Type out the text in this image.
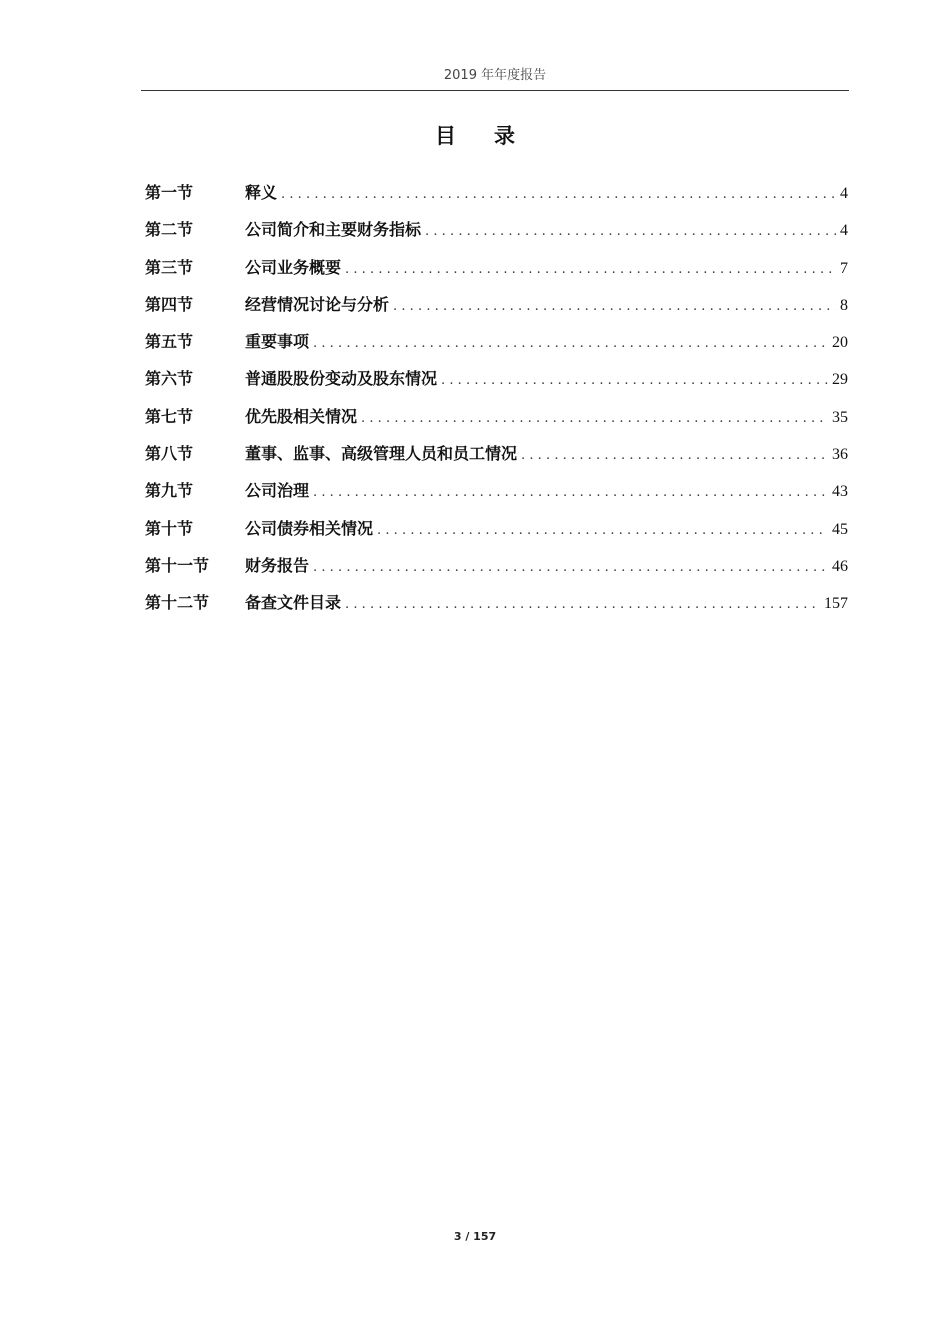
2019 年年度报告
目录
第一节	释义 .....	4
第二节	公司简介和主要财务指标 .....	4
第三节	公司业务概要 .....	7
第四节	经营情况讨论与分析 .....	8
第五节	重要事项 .....	20
第六节	普通股股份变动及股东情况 .....	29
第七节	优先股相关情况 .....	35
第八节	董事、监事、高级管理人员和员工情况 .....	36
第九节	公司治理 .....	43
第十节	公司债券相关情况 .....	45
第十一节	财务报告 .....	46
第十二节	备查文件目录 .....	157
3 / 157
